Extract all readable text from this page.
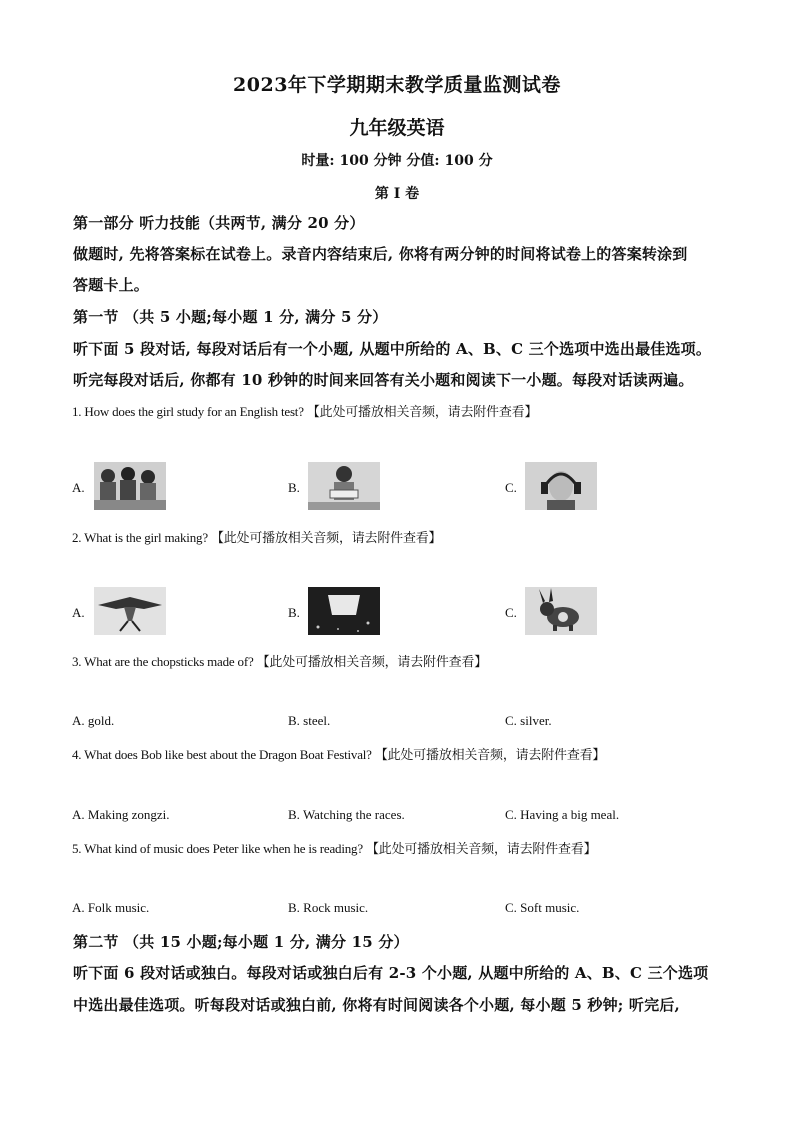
2023年下学期期末教学质量监测试卷
九年级英语
时量: 100 分钟 分值: 100 分
第 I 卷
第一部分 听力技能（共两节, 满分 20 分）
做题时, 先将答案标在试卷上。录音内容结束后, 你将有两分钟的时间将试卷上的答案转涂到
答题卡上。
第一节 （共 5 小题;每小题 1 分, 满分 5 分）
听下面 5 段对话, 每段对话后有一个小题, 从题中所给的 A、B、C 三个选项中选出最佳选项。
听完每段对话后, 你都有 10 秒钟的时间来回答有关小题和阅读下一小题。每段对话读两遍。
1. How does the girl study for an English test? 【此处可播放相关音频，请去附件查看】
A.	B.	C.
2. What is the girl making? 【此处可播放相关音频，请去附件查看】
A.	B.	C.
3. What are the chopsticks made of? 【此处可播放相关音频，请去附件查看】
A. gold.	B. steel.	C. silver.
4. What does Bob like best about the Dragon Boat Festival? 【此处可播放相关音频，请去附件查看】
A. Making zongzi.	B. Watching the races.	C. Having a big meal.
5. What kind of music does Peter like when he is reading? 【此处可播放相关音频，请去附件查看】
A. Folk music.	B. Rock music.	C. Soft music.
第二节 （共 15 小题;每小题 1 分, 满分 15 分）
听下面 6 段对话或独白。每段对话或独白后有 2-3 个小题, 从题中所给的 A、B、C 三个选项
中选出最佳选项。听每段对话或独白前, 你将有时间阅读各个小题, 每小题 5 秒钟; 听完后,
